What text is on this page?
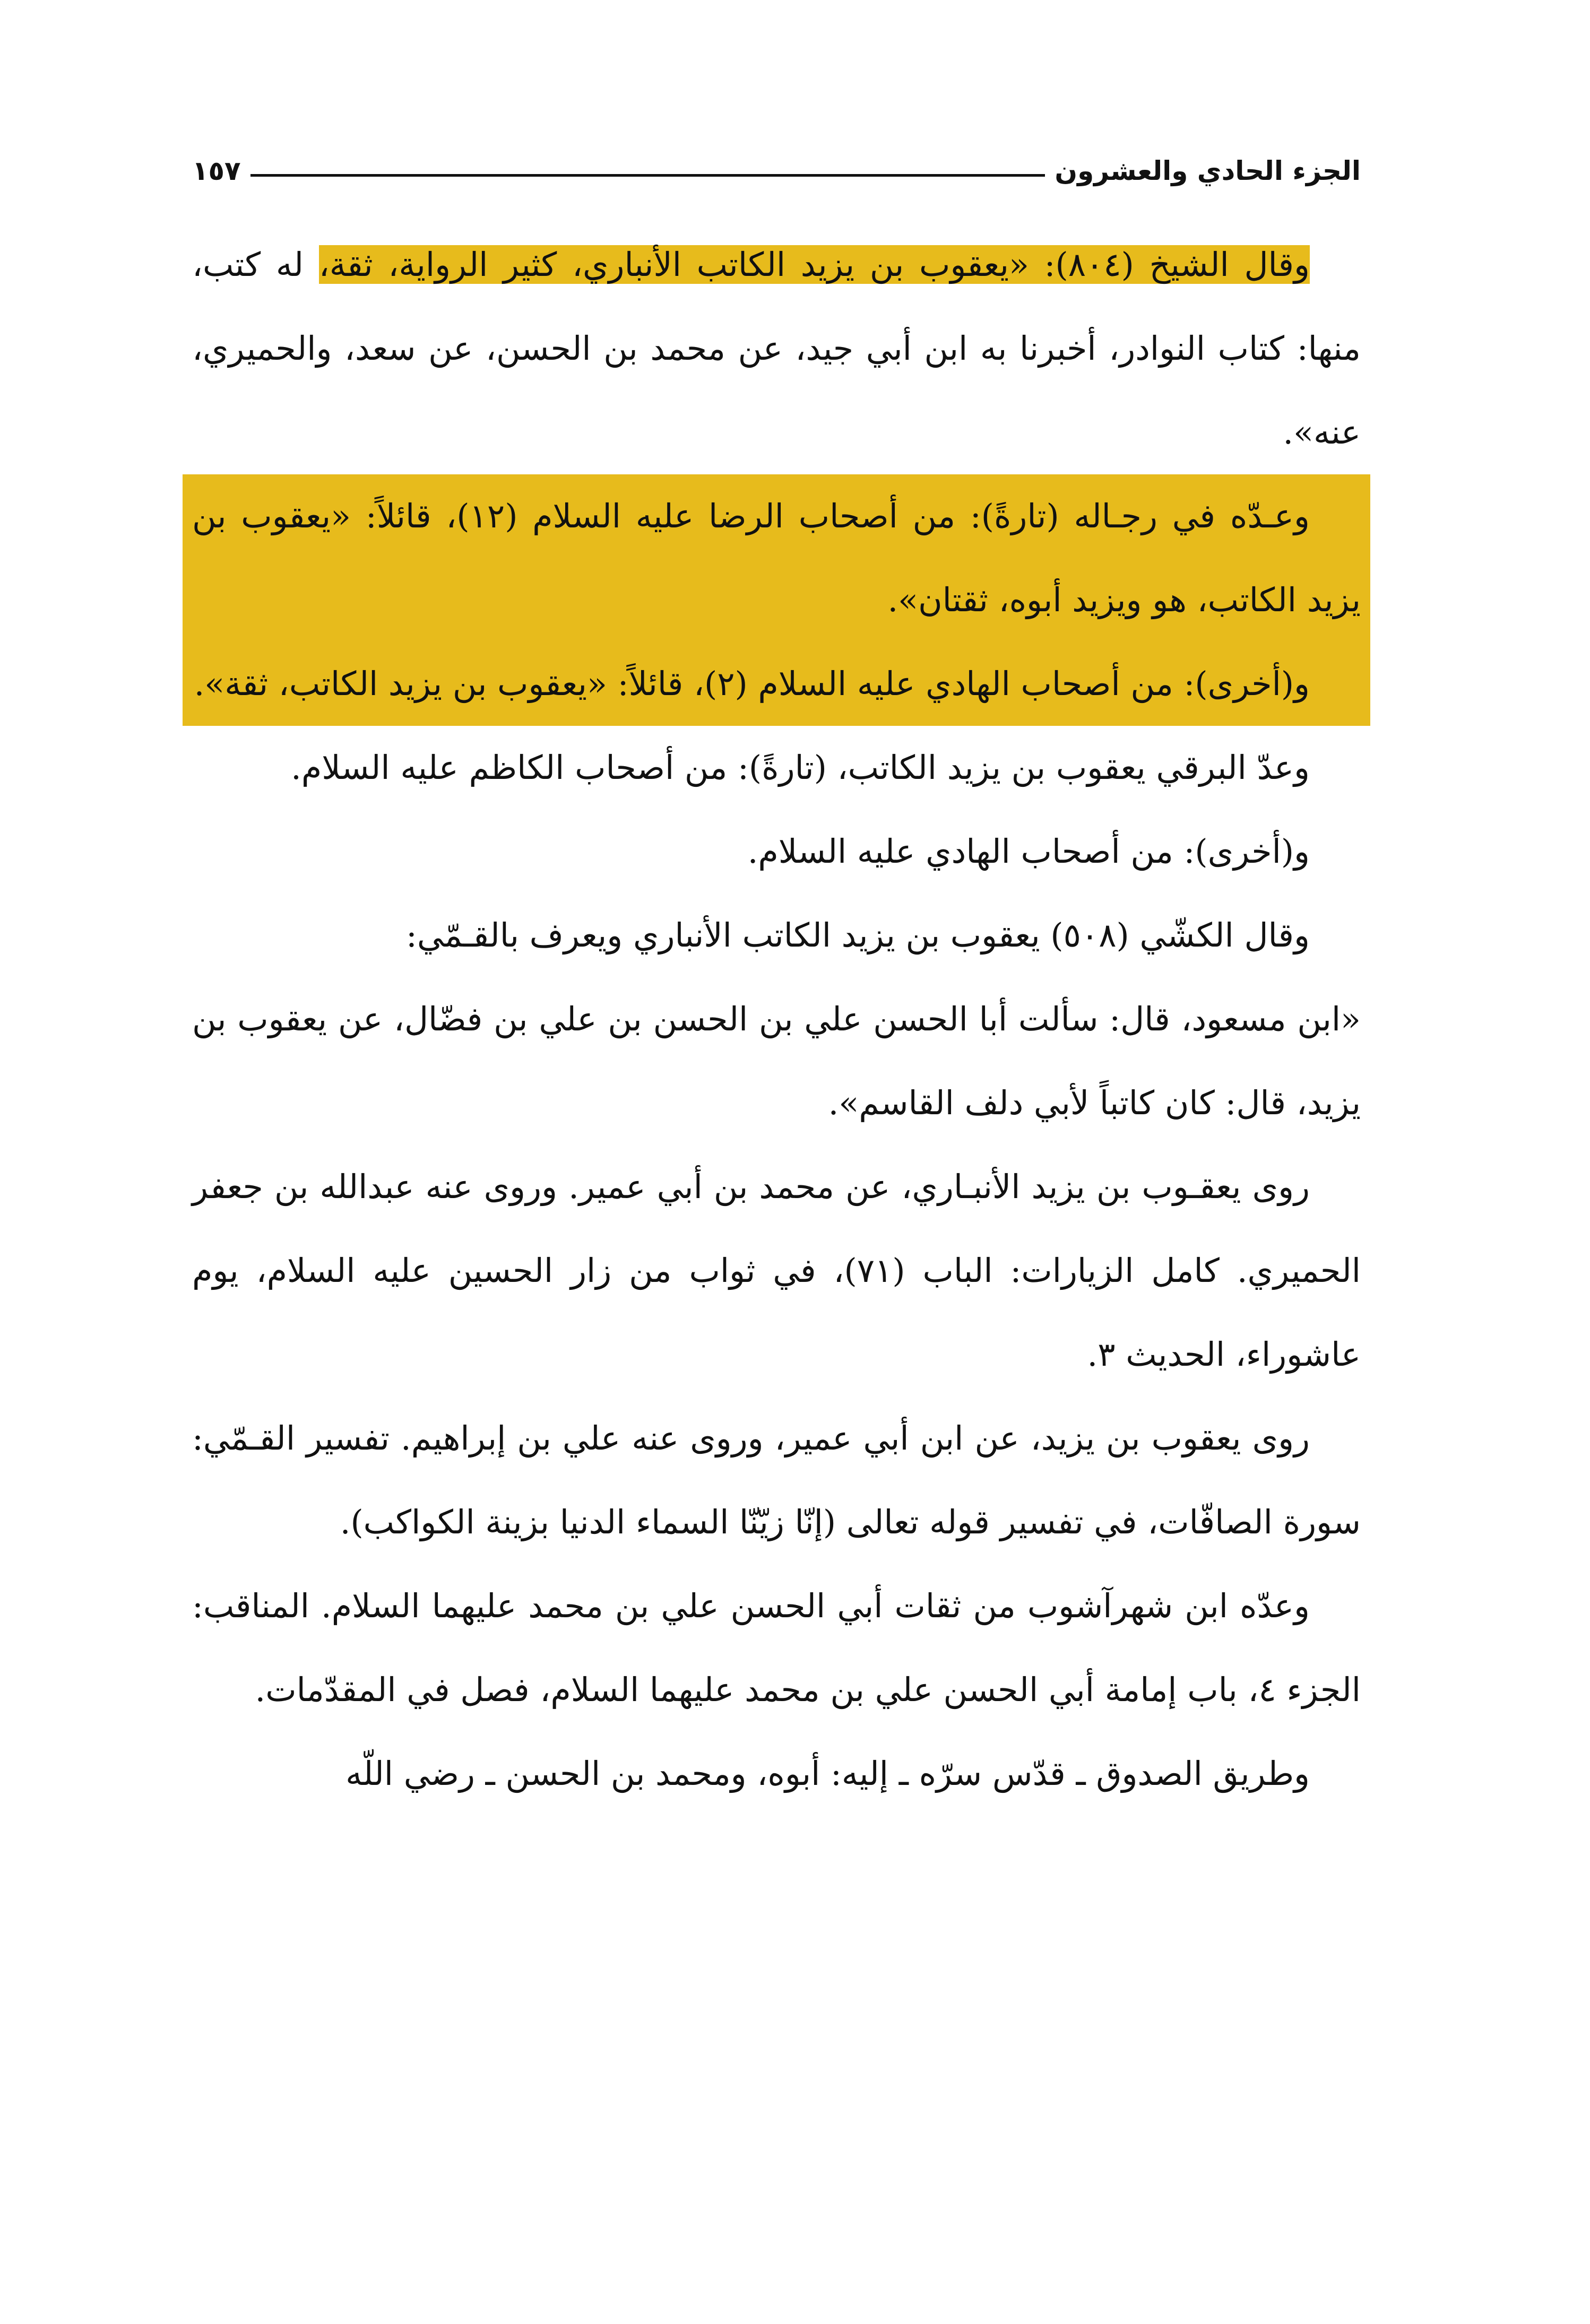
الجزء الحادي والعشرون
١٥٧

وقال الشيخ (٨٠٤): «يعقوب بن يزيد الكاتب الأنباري، كثير الرواية، ثقة، له كتب، منها: كتاب النوادر، أخبرنا به ابن أبي جيد، عن محمد بن الحسن، عن سعد، والحميري، عنه».

وعـدّه في رجـاله (تارةً): من أصحاب الرضا عليه السلام (١٢)، قائلاً: «يعقوب بن يزيد الكاتب، هو ويزيد أبوه، ثقتان».

و(أخرى): من أصحاب الهادي عليه السلام (٢)، قائلاً: «يعقوب بن يزيد الكاتب، ثقة».

وعدّ البرقي يعقوب بن يزيد الكاتب، (تارةً): من أصحاب الكاظم عليه السلام.

و(أخرى): من أصحاب الهادي عليه السلام.

وقال الكشّي (٥٠٨) يعقوب بن يزيد الكاتب الأنباري ويعرف بالقـمّي:

«ابن مسعود، قال: سألت أبا الحسن علي بن الحسن بن علي بن فضّال، عن يعقوب بن يزيد، قال: كان كاتباً لأبي دلف القاسم».

روى يعقـوب بن يزيد الأنبـاري، عن محمد بن أبي عمير. وروى عنه عبدالله بن جعفر الحميري. كامل الزيارات: الباب (٧١)، في ثواب من زار الحسين عليه السلام، يوم عاشوراء، الحديث ٣.

روى يعقوب بن يزيد، عن ابن أبي عمير، وروى عنه علي بن إبراهيم. تفسير القـمّي: سورة الصافّات، في تفسير قوله تعالى (إنّا زيّنّا السماء الدنيا بزينة الكواكب).

وعدّه ابن شهرآشوب من ثقات أبي الحسن علي بن محمد عليهما السلام. المناقب: الجزء ٤، باب إمامة أبي الحسن علي بن محمد عليهما السلام، فصل في المقدّمات.

وطريق الصدوق ـ قدّس سرّه ـ إليه: أبوه، ومحمد بن الحسن ـ رضي اللّه
